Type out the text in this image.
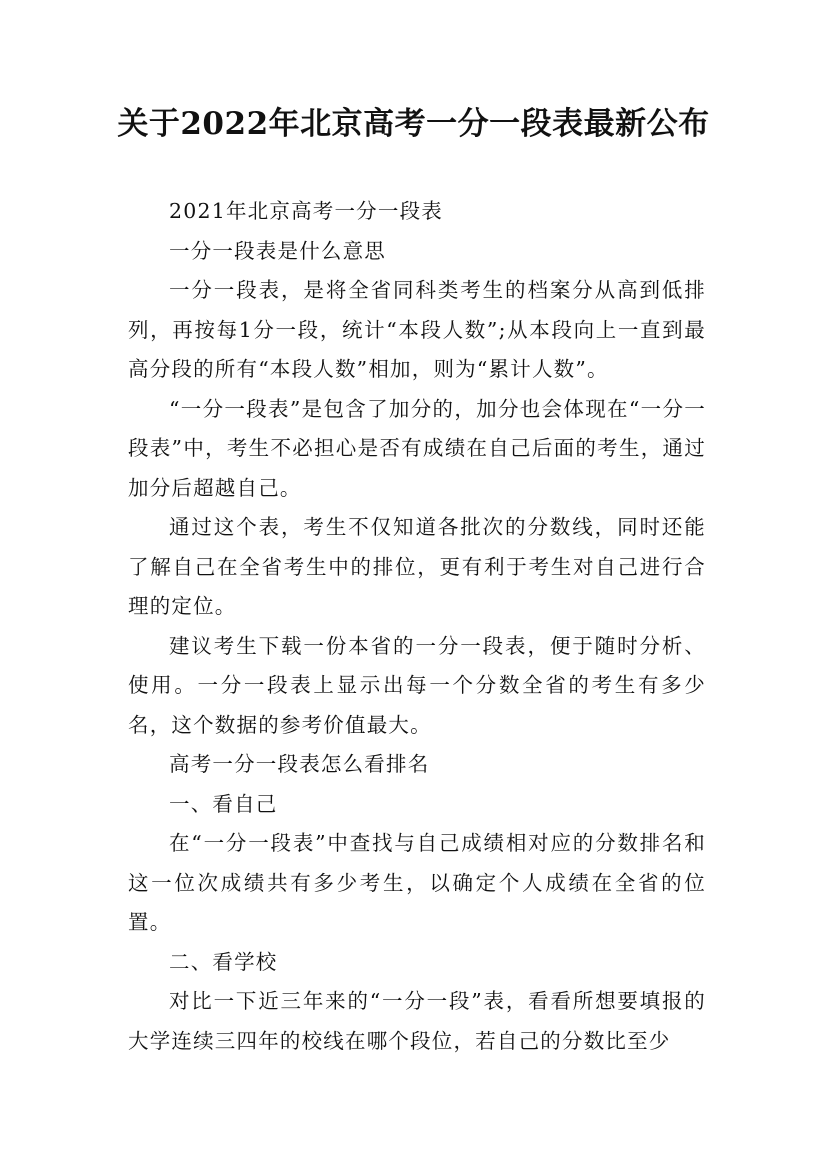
关于2022年北京高考一分一段表最新公布

2021年北京高考一分一段表

一分一段表是什么意思

一分一段表，是将全省同科类考生的档案分从高到低排列，再按每1分一段，统计“本段人数”;从本段向上一直到最高分段的所有“本段人数”相加，则为“累计人数”。

“一分一段表”是包含了加分的，加分也会体现在“一分一段表”中，考生不必担心是否有成绩在自己后面的考生，通过加分后超越自己。

通过这个表，考生不仅知道各批次的分数线，同时还能了解自己在全省考生中的排位，更有利于考生对自己进行合理的定位。

建议考生下载一份本省的一分一段表，便于随时分析、使用。一分一段表上显示出每一个分数全省的考生有多少名，这个数据的参考价值最大。

高考一分一段表怎么看排名

一、看自己

在“一分一段表”中查找与自己成绩相对应的分数排名和这一位次成绩共有多少考生，以确定个人成绩在全省的位置。

二、看学校

对比一下近三年来的“一分一段”表，看看所想要填报的大学连续三四年的校线在哪个段位，若自己的分数比至少
